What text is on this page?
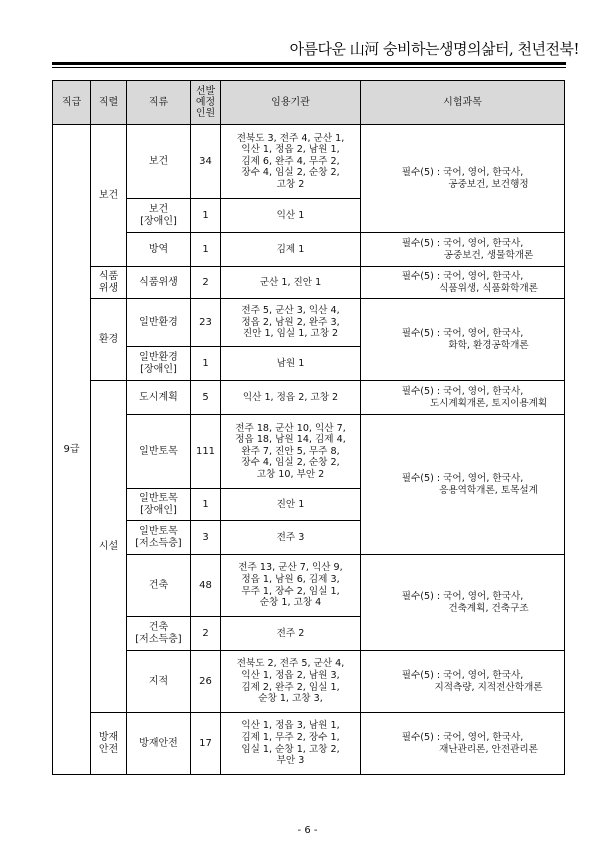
아름다운 山河 숭비하는생명의삶터, 천년전북!
직급	직렬	직류	선발 예정 인원	임용기관	시험과목
9급	보건	보건	34	전북도 3, 전주 4, 군산 1,
익산 1, 정읍 2, 남원 1,
김제 6, 완주 4, 무주 2,
장수 4, 임실 2, 순창 2,
고창 2	필수(5) : 국어, 영어, 한국사,
공중보건, 보건행정

		보건
[장애인]	1	익산 1	
		방역	1	김제 1	필수(5) : 국어, 영어, 한국사,
공중보건, 생물학개론

	식품
위생	식품위생	2	군산 1, 진안 1	필수(5) : 국어, 영어, 한국사,
식품위생, 식품화학개론

	환경	일반환경	23	전주 5, 군산 3, 익산 4,
정읍 2, 남원 2, 완주 3,
진안 1, 임실 1, 고창 2	필수(5) : 국어, 영어, 한국사,
화학, 환경공학개론

		일반환경
[장애인]	1	남원 1	
	시설	도시계획	5	익산 1, 정읍 2, 고창 2	필수(5) : 국어, 영어, 한국사,
도시계획개론, 토지이용계획

		일반토목	111	전주 18, 군산 10, 익산 7,
정읍 18, 남원 14, 김제 4,
완주 7, 진안 5, 무주 8,
장수 4, 임실 2, 순창 2,
고창 10, 부안 2	필수(5) : 국어, 영어, 한국사,
응용역학개론, 토목설계

		일반토목
[장애인]	1	진안 1	
		일반토목
[저소득층]	3	전주 3	
		건축	48	전주 13, 군산 7, 익산 9,
정읍 1, 남원 6, 김제 3,
무주 1, 장수 2, 임실 1,
순창 1, 고창 4	필수(5) : 국어, 영어, 한국사,
건축계획, 건축구조

		건축
[저소득층]	2	전주 2	
		지적	26	전북도 2, 전주 5, 군산 4,
익산 1, 정읍 2, 남원 3,
김제 2, 완주 2, 임실 1,
순창 1, 고창 3,	필수(5) : 국어, 영어, 한국사,
지적측량, 지적전산학개론

	방재
안전	방재안전	17	익산 1, 정읍 3, 남원 1,
김제 1, 무주 2, 장수 1,
임실 1, 순창 1, 고창 2,
부안 3	필수(5) : 국어, 영어, 한국사,
재난관리론, 안전관리론
- 6 -
